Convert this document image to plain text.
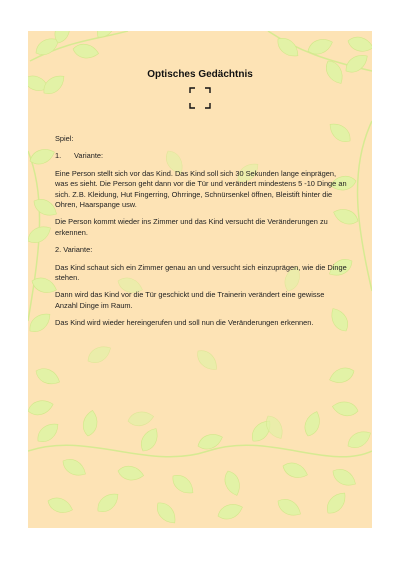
Optisches Gedächtnis

Spiel:

1. Variante:

Eine Person stellt sich vor das Kind. Das Kind soll sich 30 Sekunden lange einprägen, was es sieht. Die Person geht dann vor die Tür und verändert mindestens 5 -10 Dinge an sich. Z.B. Kleidung, Hut Fingerring, Ohrringe, Schnürsenkel öffnen, Bleistift hinter die Ohren, Haarspange usw.

Die Person kommt wieder ins Zimmer und das Kind versucht die Veränderungen zu erkennen.

2. Variante:

Das Kind schaut sich ein Zimmer genau an und versucht sich einzuprägen, wie die Dinge stehen.

Dann wird das Kind vor die Tür geschickt und die Trainerin verändert eine gewisse Anzahl Dinge im Raum.

Das Kind wird wieder hereingerufen und soll nun die Veränderungen erkennen.
